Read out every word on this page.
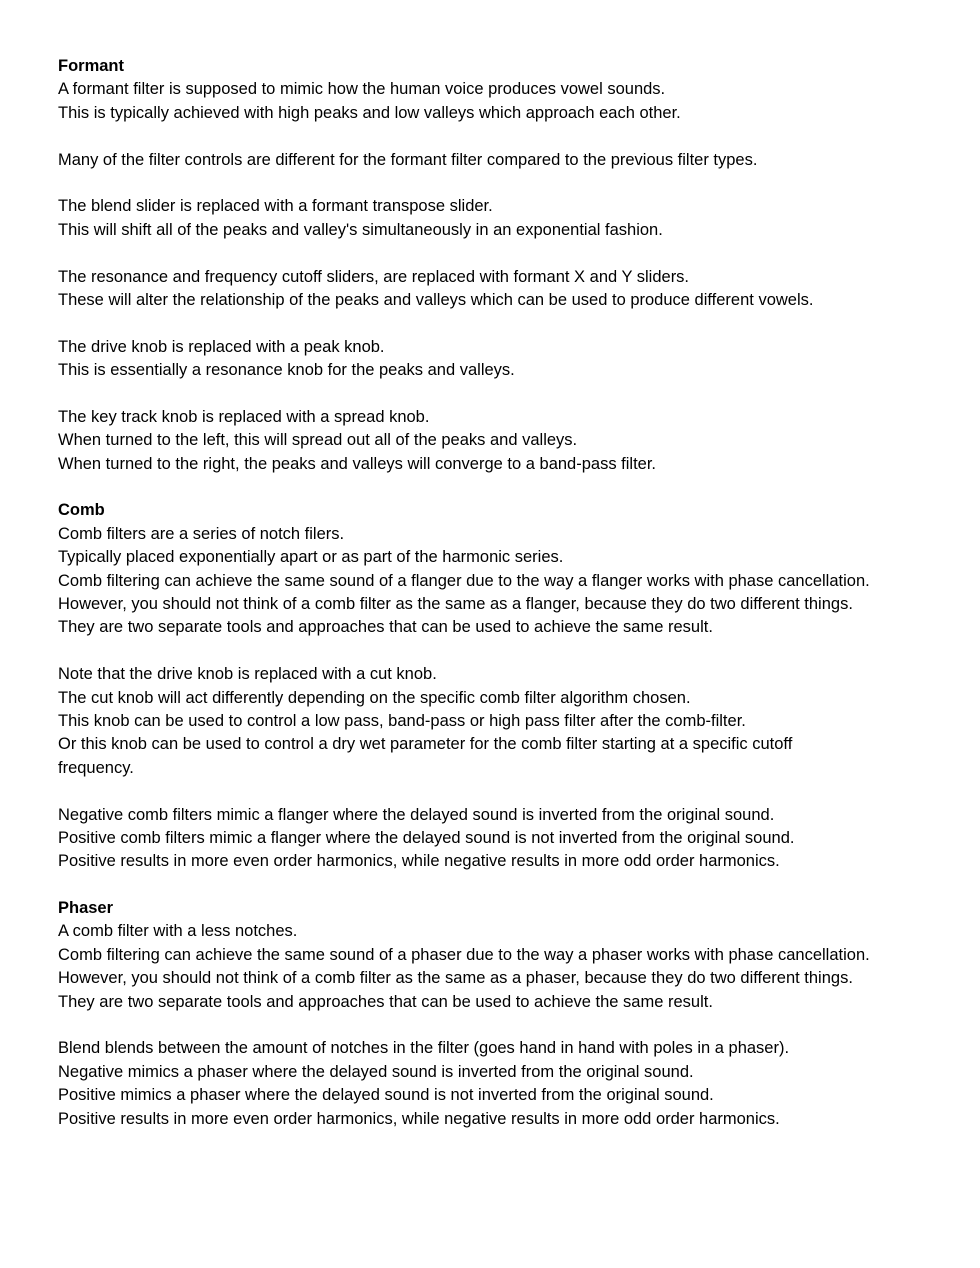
Formant
A formant filter is supposed to mimic how the human voice produces vowel sounds.
This is typically achieved with high peaks and low valleys which approach each other.
Many of the filter controls are different for the formant filter compared to the previous filter types.
The blend slider is replaced with a formant transpose slider.
This will shift all of the peaks and valley's simultaneously in an exponential fashion.
The resonance and frequency cutoff sliders, are replaced with formant X and Y sliders.
These will alter the relationship of the peaks and valleys which can be used to produce different vowels.
The drive knob is replaced with a peak knob.
This is essentially a resonance knob for the peaks and valleys.
The key track knob is replaced with a spread knob.
When turned to the left, this will spread out all of the peaks and valleys.
When turned to the right, the peaks and valleys will converge to a band-pass filter.
Comb
Comb filters are a series of notch filers.
Typically placed exponentially apart or as part of the harmonic series.
Comb filtering can achieve the same sound of a flanger due to the way a flanger works with phase cancellation.
However, you should not think of a comb filter as the same as a flanger, because they do two different things.
They are two separate tools and approaches that can be used to achieve the same result.
Note that the drive knob is replaced with a cut knob.
The cut knob will act differently depending on the specific comb filter algorithm chosen.
This knob can be used to control a low pass, band-pass or high pass filter after the comb-filter.
Or this knob can be used to control a dry wet parameter for the comb filter starting at a specific cutoff
frequency.
Negative comb filters mimic a flanger where the delayed sound is inverted from the original sound.
Positive comb filters mimic a flanger where the delayed sound is not inverted from the original sound.
Positive results in more even order harmonics, while negative results in more odd order harmonics.
Phaser
A comb filter with a less notches.
Comb filtering can achieve the same sound of a phaser due to the way a phaser works with phase cancellation.
However, you should not think of a comb filter as the same as a phaser, because they do two different things.
They are two separate tools and approaches that can be used to achieve the same result.
Blend blends between the amount of notches in the filter (goes hand in hand with poles in a phaser).
Negative mimics a phaser where the delayed sound is inverted from the original sound.
Positive mimics a phaser where the delayed sound is not inverted from the original sound.
Positive results in more even order harmonics, while negative results in more odd order harmonics.
